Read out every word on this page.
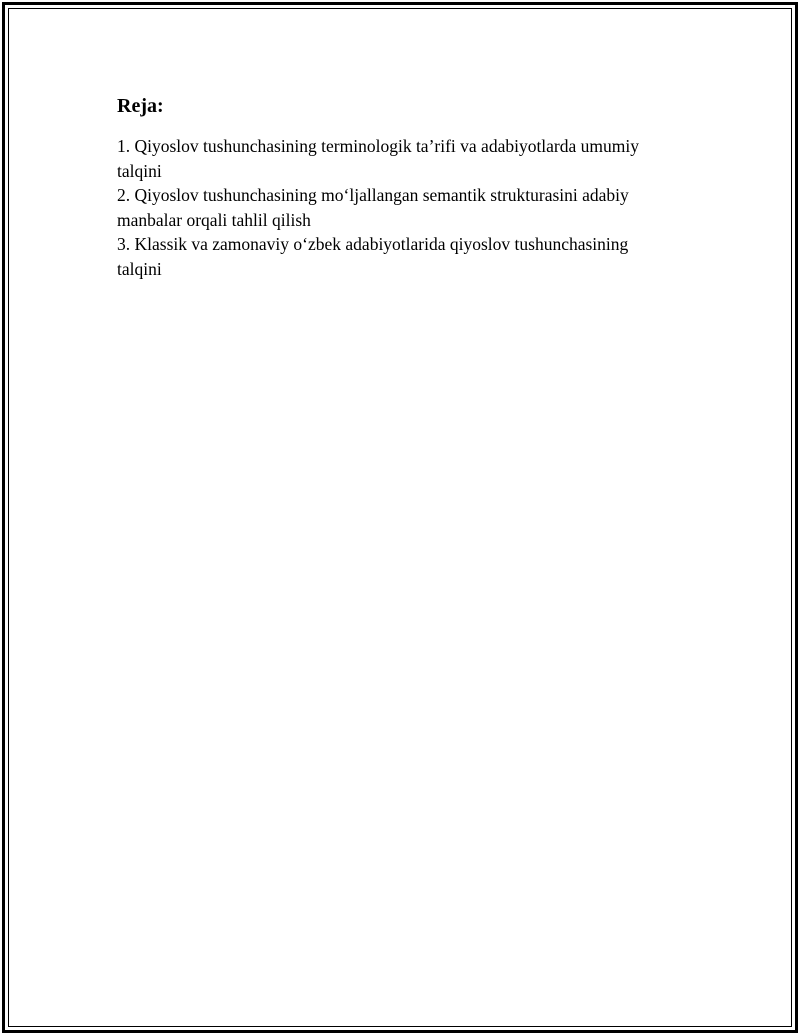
Reja:
1. Qiyoslov tushunchasining terminologik ta’rifi va adabiyotlarda umumiy talqini
2. Qiyoslov tushunchasining mo‘ljallangan semantik strukturasini adabiy manbalar orqali tahlil qilish
3. Klassik va zamonaviy o‘zbek adabiyotlarida qiyoslov tushunchasining talqini
